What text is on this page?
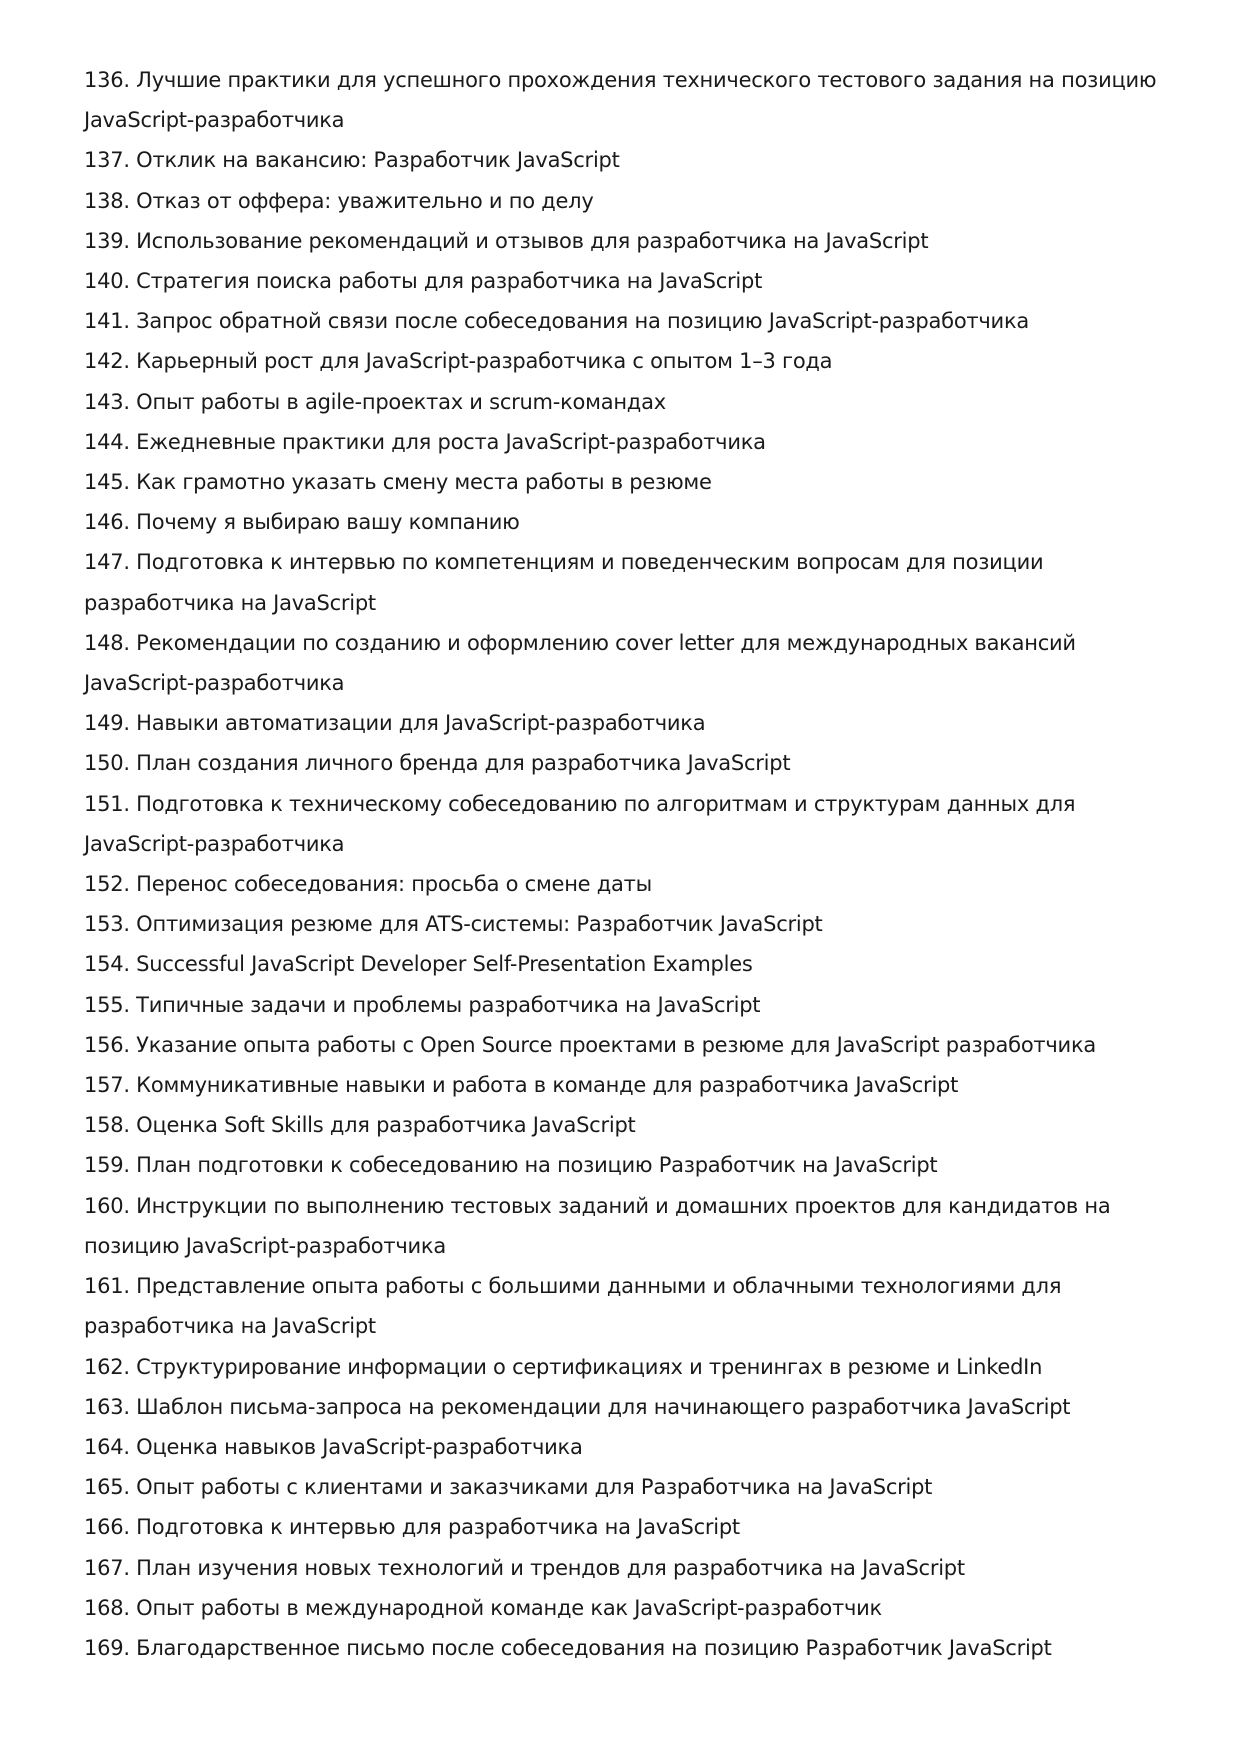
136. Лучшие практики для успешного прохождения технического тестового задания на позицию JavaScript-разработчика
137. Отклик на вакансию: Разработчик JavaScript
138. Отказ от оффера: уважительно и по делу
139. Использование рекомендаций и отзывов для разработчика на JavaScript
140. Стратегия поиска работы для разработчика на JavaScript
141. Запрос обратной связи после собеседования на позицию JavaScript-разработчика
142. Карьерный рост для JavaScript-разработчика с опытом 1–3 года
143. Опыт работы в agile-проектах и scrum-командах
144. Ежедневные практики для роста JavaScript-разработчика
145. Как грамотно указать смену места работы в резюме
146. Почему я выбираю вашу компанию
147. Подготовка к интервью по компетенциям и поведенческим вопросам для позиции разработчика на JavaScript
148. Рекомендации по созданию и оформлению cover letter для международных вакансий JavaScript-разработчика
149. Навыки автоматизации для JavaScript-разработчика
150. План создания личного бренда для разработчика JavaScript
151. Подготовка к техническому собеседованию по алгоритмам и структурам данных для JavaScript-разработчика
152. Перенос собеседования: просьба о смене даты
153. Оптимизация резюме для ATS-системы: Разработчик JavaScript
154. Successful JavaScript Developer Self-Presentation Examples
155. Типичные задачи и проблемы разработчика на JavaScript
156. Указание опыта работы с Open Source проектами в резюме для JavaScript разработчика
157. Коммуникативные навыки и работа в команде для разработчика JavaScript
158. Оценка Soft Skills для разработчика JavaScript
159. План подготовки к собеседованию на позицию Разработчик на JavaScript
160. Инструкции по выполнению тестовых заданий и домашних проектов для кандидатов на позицию JavaScript-разработчика
161. Представление опыта работы с большими данными и облачными технологиями для разработчика на JavaScript
162. Структурирование информации о сертификациях и тренингах в резюме и LinkedIn
163. Шаблон письма-запроса на рекомендации для начинающего разработчика JavaScript
164. Оценка навыков JavaScript-разработчика
165. Опыт работы с клиентами и заказчиками для Разработчика на JavaScript
166. Подготовка к интервью для разработчика на JavaScript
167. План изучения новых технологий и трендов для разработчика на JavaScript
168. Опыт работы в международной команде как JavaScript-разработчик
169. Благодарственное письмо после собеседования на позицию Разработчик JavaScript
